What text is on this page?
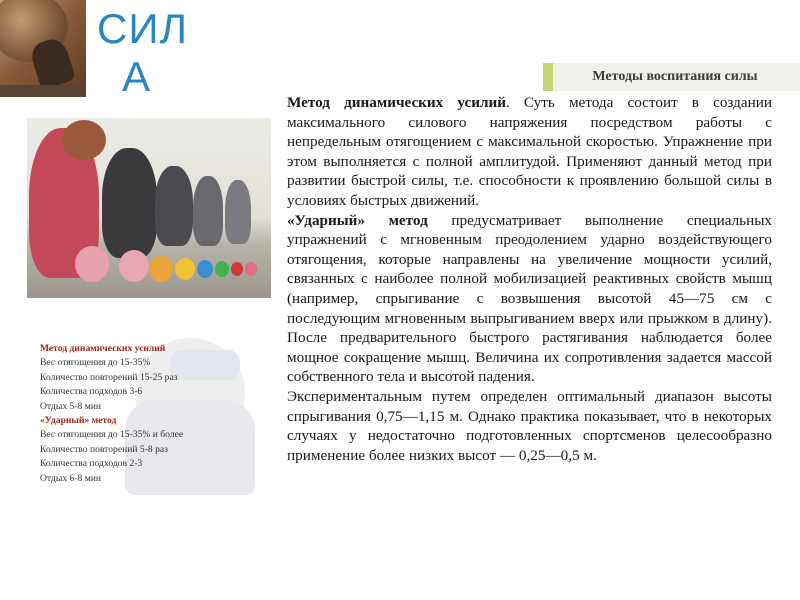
СИЛ
А	Методы воспитания силы
Метод динамических усилий
Вес отягощения до 15-35%
Количество повторений 15-25 раз
Количества подходов 3-6
Отдых 5-8 мин
«Ударный» метод
Вес отягощения до 15-35% и более
Количество повторений 5-8 раз
Количества подходов 2-3
Отдых 6-8 мин

Метод динамических усилий. Суть метода состоит в создании максимального силового напряжения посредством работы с непредельным отягощением с максимальной скоростью. Упражнение при этом выполняется с полной амплитудой. Применяют данный метод при развитии быстрой силы, т.е. способности к проявлению большой силы в условиях быстрых движений.

«Ударный» метод предусматривает выполнение специальных упражнений с мгновенным преодолением ударно воздействующего отягощения, которые направлены на увеличение мощности усилий, связанных с наиболее полной мобилизацией реактивных свойств мышц (например, спрыгивание с возвышения высотой 45—75 см с последующим мгновенным выпрыгиванием вверх или прыжком в длину). После предварительного быстрого растягивания наблюдается более мощное сокращение мышц. Величина их сопротивления задается массой собственного тела и высотой падения.

Экспериментальным путем определен оптимальный диапазон высоты спрыгивания 0,75—1,15 м. Однако практика показывает, что в некоторых случаях у недостаточно подготовленных спортсменов целесообразно применение более низких высот — 0,25—0,5 м.
